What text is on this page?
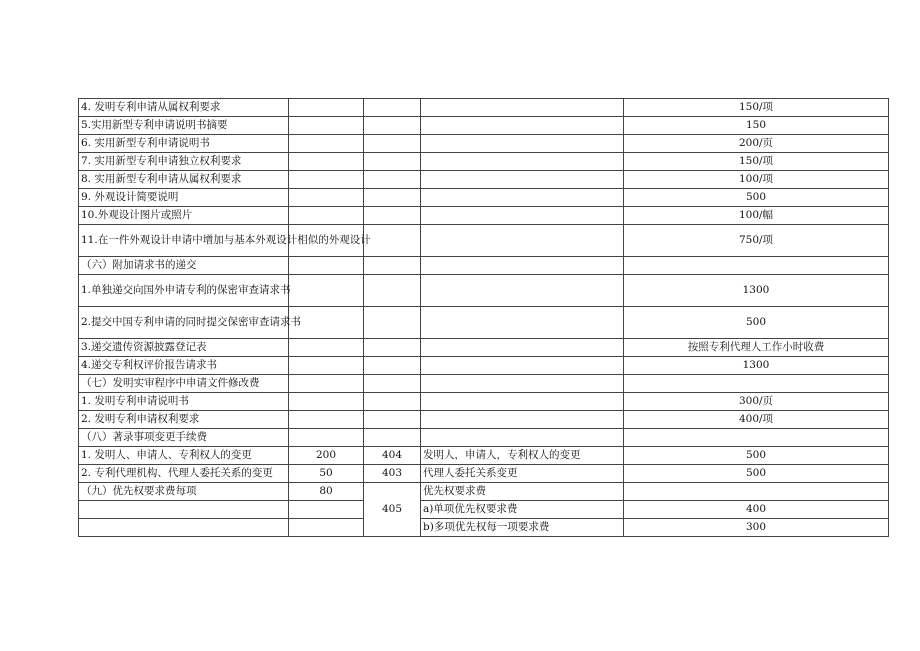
4. 发明专利申请从属权利要求				150/项
5.实用新型专利申请说明书摘要				150
6. 实用新型专利申请说明书				200/页
7. 实用新型专利申请独立权利要求				150/项
8. 实用新型专利申请从属权利要求				100/项
9. 外观设计简要说明				500
10.外观设计图片或照片				100/幅
11.在一件外观设计申请中增加与基本外观设计相似的外观设计				750/项
（六）附加请求书的递交				
1.单独递交向国外申请专利的保密审查请求书				1300
2.提交中国专利申请的同时提交保密审查请求书				500
3.递交遗传资源披露登记表				按照专利代理人工作小时收费
4.递交专利权评价报告请求书				1300
（七）发明实审程序中申请文件修改费				
1. 发明专利申请说明书				300/页
2. 发明专利申请权利要求				400/项
（八）著录事项变更手续费				
1. 发明人、申请人、专利权人的变更	200	404	发明人，申请人，专利权人的变更	500
2. 专利代理机构、代理人委托关系的变更	50	403	代理人委托关系变更	500
（九）优先权要求费每项	80	405	优先权要求费	
			a)单项优先权要求费	400
			b)多项优先权每一项要求费	300
